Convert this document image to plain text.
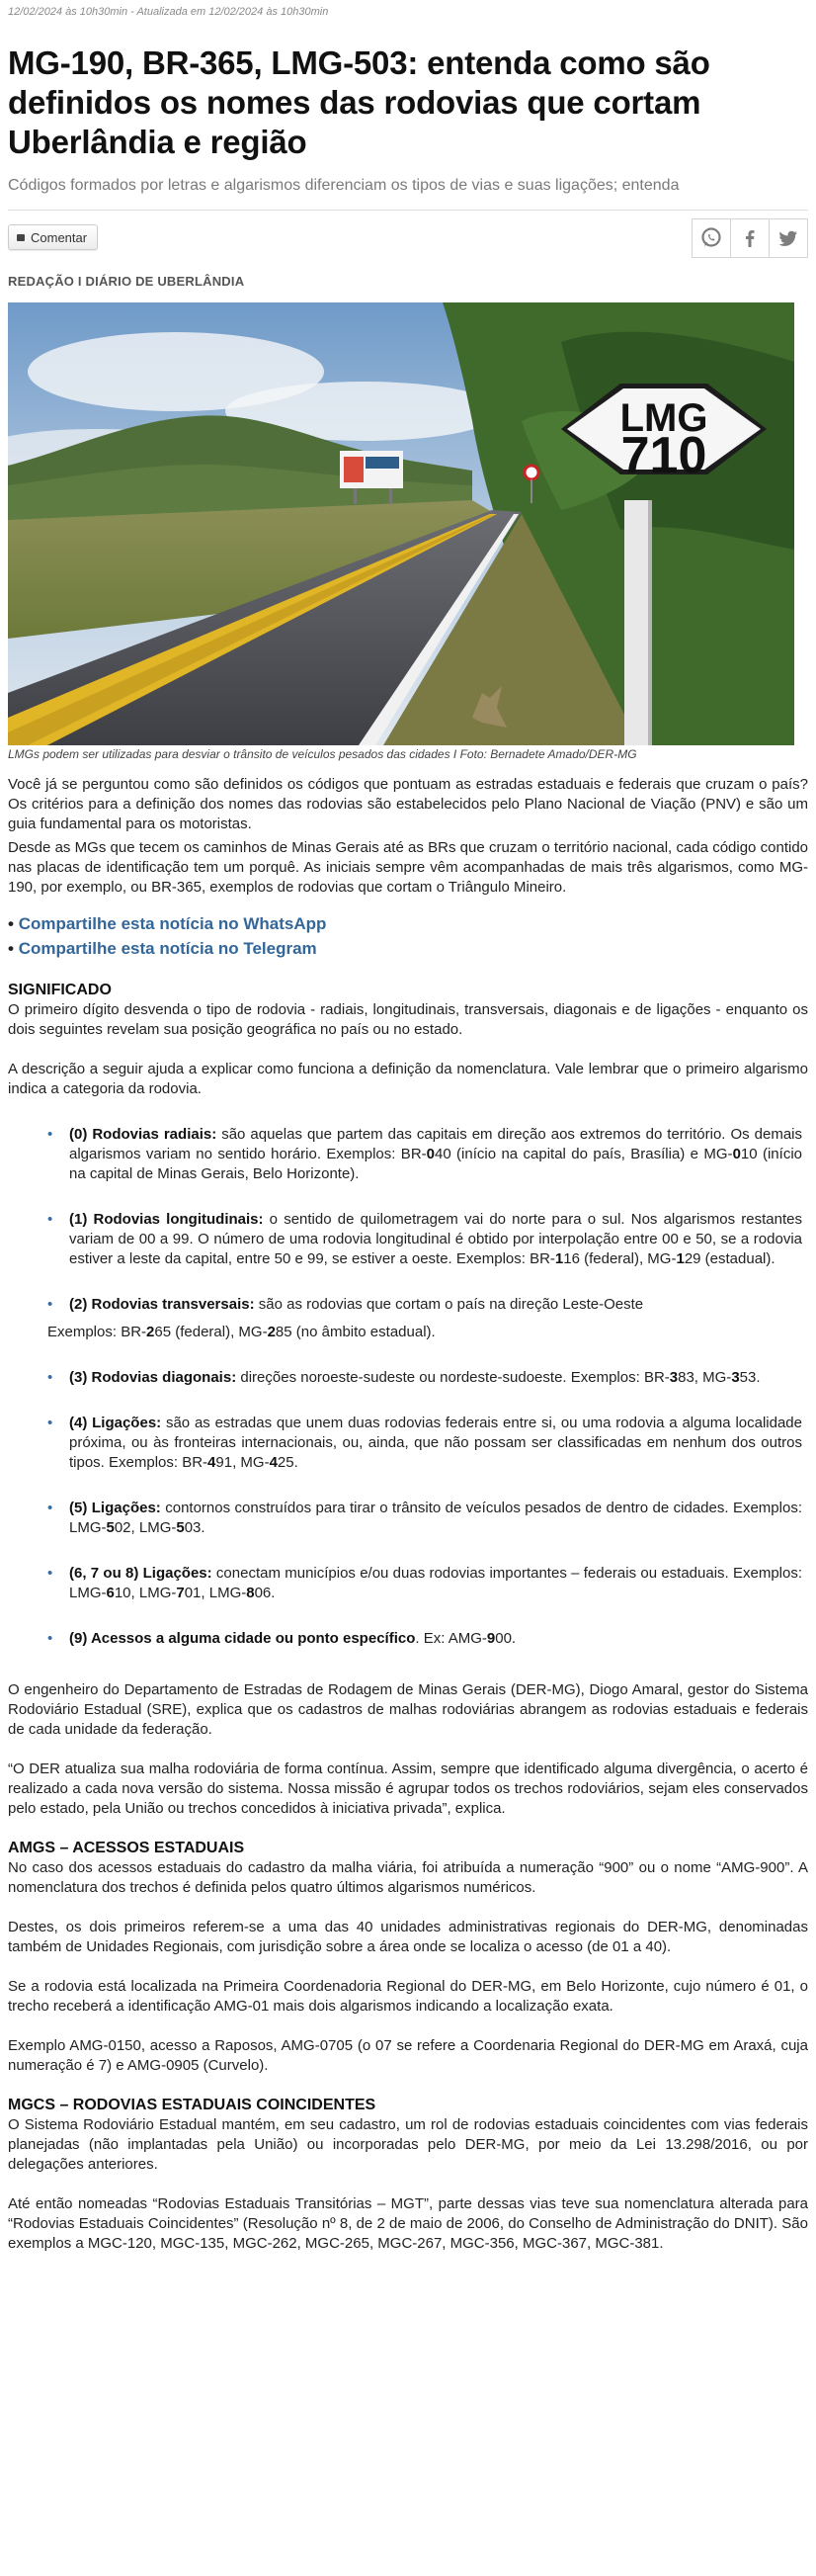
12/02/2024 às 10h30min - Atualizada em 12/02/2024 às 10h30min
MG-190, BR-365, LMG-503: entenda como são definidos os nomes das rodovias que cortam Uberlândia e região
Códigos formados por letras e algarismos diferenciam os tipos de vias e suas ligações; entenda
Comentar
REDAÇÃO I DIÁRIO DE UBERLÂNDIA
LMG
710
LMGs podem ser utilizadas para desviar o trânsito de veículos pesados das cidades I Foto: Bernadete Amado/DER-MG

Você já se perguntou como são definidos os códigos que pontuam as estradas estaduais e federais que cruzam o país? Os critérios para a definição dos nomes das rodovias são estabelecidos pelo Plano Nacional de Viação (PNV) e são um guia fundamental para os motoristas.

Desde as MGs que tecem os caminhos de Minas Gerais até as BRs que cruzam o território nacional, cada código contido nas placas de identificação tem um porquê. As iniciais sempre vêm acompanhadas de mais três algarismos, como MG-190, por exemplo, ou BR-365, exemplos de rodovias que cortam o Triângulo Mineiro.

• Compartilhe esta notícia no WhatsApp
• Compartilhe esta notícia no Telegram
SIGNIFICADO

O primeiro dígito desvenda o tipo de rodovia - radiais, longitudinais, transversais, diagonais e de ligações - enquanto os dois seguintes revelam sua posição geográfica no país ou no estado.

A descrição a seguir ajuda a explicar como funciona a definição da nomenclatura. Vale lembrar que o primeiro algarismo indica a categoria da rodovia.

• (0) Rodovias radiais: são aquelas que partem das capitais em direção aos extremos do território. Os demais algarismos variam no sentido horário. Exemplos: BR-040 (início na capital do país, Brasília) e MG-010 (início na capital de Minas Gerais, Belo Horizonte).
• (1) Rodovias longitudinais: o sentido de quilometragem vai do norte para o sul. Nos algarismos restantes variam de 00 a 99. O número de uma rodovia longitudinal é obtido por interpolação entre 00 e 50, se a rodovia estiver a leste da capital, entre 50 e 99, se estiver a oeste. Exemplos: BR-116 (federal), MG-129 (estadual).
• (2) Rodovias transversais: são as rodovias que cortam o país na direção Leste-Oeste
Exemplos: BR-265 (federal), MG-285 (no âmbito estadual).
• (3) Rodovias diagonais: direções noroeste-sudeste ou nordeste-sudoeste. Exemplos: BR-383, MG-353.
• (4) Ligações: são as estradas que unem duas rodovias federais entre si, ou uma rodovia a alguma localidade próxima, ou às fronteiras internacionais, ou, ainda, que não possam ser classificadas em nenhum dos outros tipos. Exemplos: BR-491, MG-425.
• (5) Ligações: contornos construídos para tirar o trânsito de veículos pesados de dentro de cidades. Exemplos: LMG-502, LMG-503.
• (6, 7 ou 8) Ligações: conectam municípios e/ou duas rodovias importantes – federais ou estaduais. Exemplos: LMG-610, LMG-701, LMG-806.
• (9) Acessos a alguma cidade ou ponto específico. Ex: AMG-900.

O engenheiro do Departamento de Estradas de Rodagem de Minas Gerais (DER-MG), Diogo Amaral, gestor do Sistema Rodoviário Estadual (SRE), explica que os cadastros de malhas rodoviárias abrangem as rodovias estaduais e federais de cada unidade da federação.

“O DER atualiza sua malha rodoviária de forma contínua. Assim, sempre que identificado alguma divergência, o acerto é realizado a cada nova versão do sistema. Nossa missão é agrupar todos os trechos rodoviários, sejam eles conservados pelo estado, pela União ou trechos concedidos à iniciativa privada”, explica.

AMGS – ACESSOS ESTADUAIS

No caso dos acessos estaduais do cadastro da malha viária, foi atribuída a numeração “900” ou o nome “AMG-900”. A nomenclatura dos trechos é definida pelos quatro últimos algarismos numéricos.

Destes, os dois primeiros referem-se a uma das 40 unidades administrativas regionais do DER-MG, denominadas também de Unidades Regionais, com jurisdição sobre a área onde se localiza o acesso (de 01 a 40).

Se a rodovia está localizada na Primeira Coordenadoria Regional do DER-MG, em Belo Horizonte, cujo número é 01, o trecho receberá a identificação AMG-01 mais dois algarismos indicando a localização exata.

Exemplo AMG-0150, acesso a Raposos, AMG-0705 (o 07 se refere a Coordenaria Regional do DER-MG em Araxá, cuja numeração é 7) e AMG-0905 (Curvelo).

MGCS – RODOVIAS ESTADUAIS COINCIDENTES

O Sistema Rodoviário Estadual mantém, em seu cadastro, um rol de rodovias estaduais coincidentes com vias federais planejadas (não implantadas pela União) ou incorporadas pelo DER-MG, por meio da Lei 13.298/2016, ou por delegações anteriores.

Até então nomeadas “Rodovias Estaduais Transitórias – MGT”, parte dessas vias teve sua nomenclatura alterada para “Rodovias Estaduais Coincidentes” (Resolução nº 8, de 2 de maio de 2006, do Conselho de Administração do DNIT). São exemplos a MGC-120, MGC-135, MGC-262, MGC-265, MGC-267, MGC-356, MGC-367, MGC-381.
